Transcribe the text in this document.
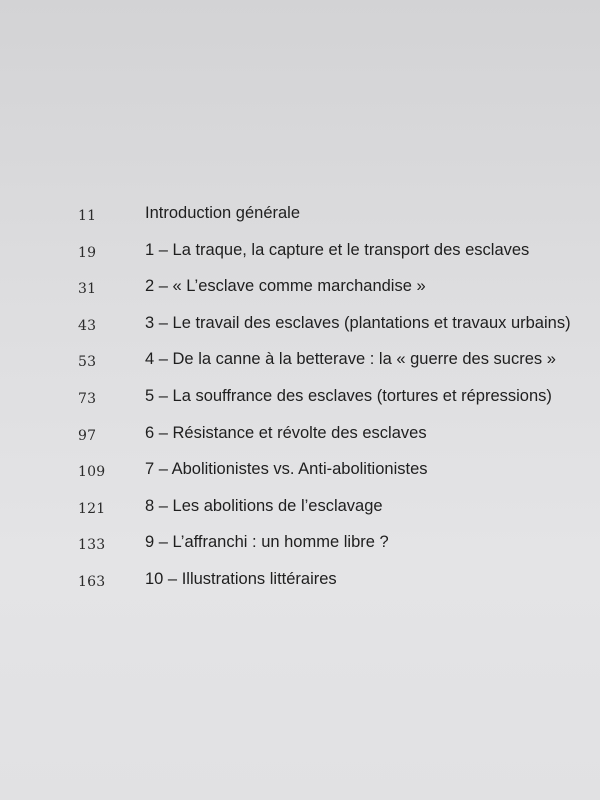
11	Introduction générale
19	1 – La traque, la capture et le transport des esclaves
31	2 – « L’esclave comme marchandise »
43	3 – Le travail des esclaves (plantations et travaux urbains)
53	4 – De la canne à la betterave : la « guerre des sucres »
73	5 – La souffrance des esclaves (tortures et répressions)
97	6 – Résistance et révolte des esclaves
109 7 – Abolitionistes vs. Anti-abolitionistes
121 8 – Les abolitions de l’esclavage
133 9 – L’affranchi : un homme libre ?
163 10 – Illustrations littéraires
